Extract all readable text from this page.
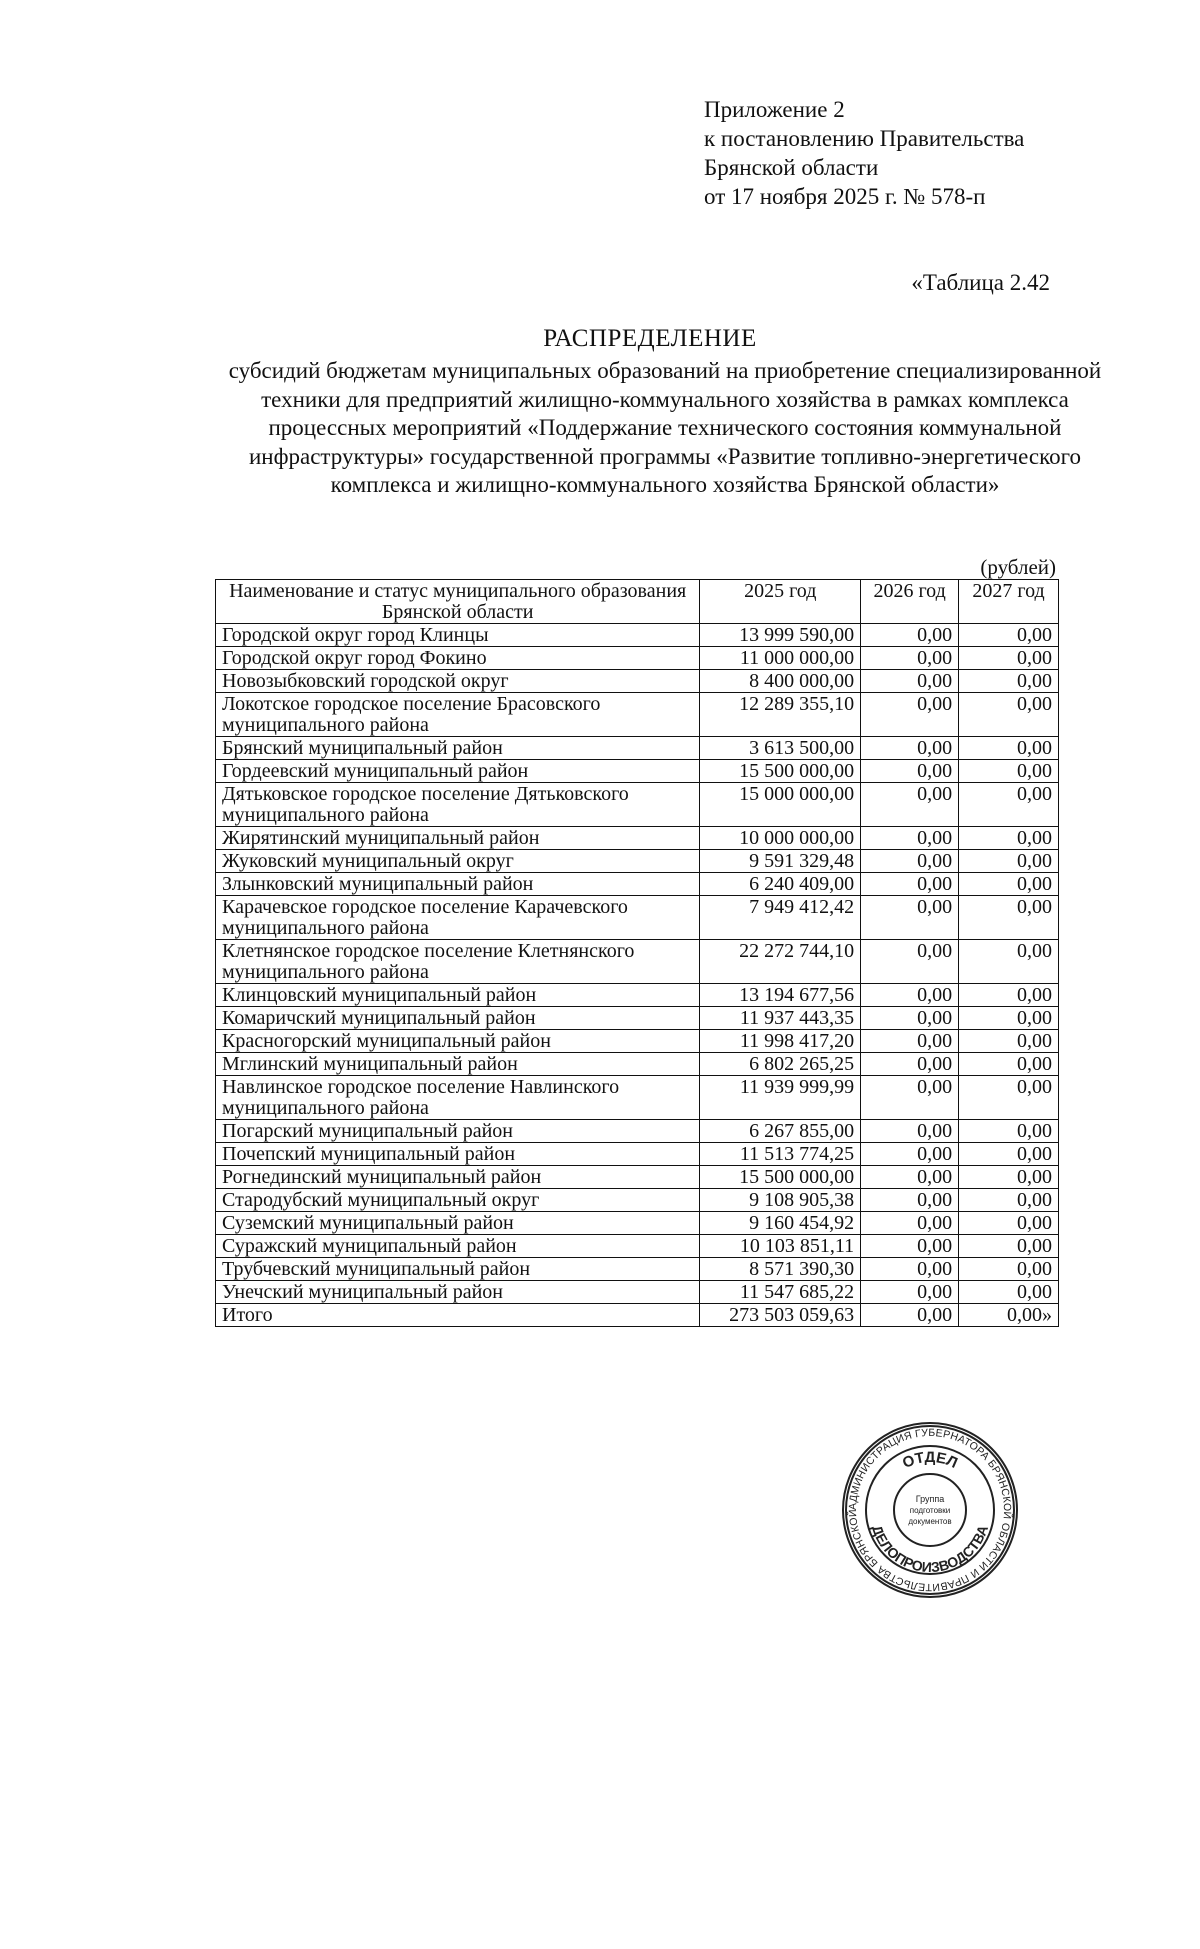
Приложение 2
к постановлению Правительства
Брянской области
от 17 ноября 2025 г. № 578-п
«Таблица 2.42
РАСПРЕДЕЛЕНИЕ
субсидий бюджетам муниципальных образований на приобретение специализированной техники для предприятий жилищно-коммунального хозяйства в рамках комплекса процессных мероприятий «Поддержание технического состояния коммунальной инфраструктуры» государственной программы «Развитие топливно-энергетического комплекса и жилищно-коммунального хозяйства Брянской области»
(рублей)
Наименование и статус муниципального образования Брянской области	2025 год	2026 год	2027 год
Городской округ город Клинцы	13 999 590,00	0,00	0,00
Городской округ город Фокино	11 000 000,00	0,00	0,00
Новозыбковский городской округ	8 400 000,00	0,00	0,00
Локотское городское поселение Брасовского муниципального района	12 289 355,10	0,00	0,00
Брянский муниципальный район	3 613 500,00	0,00	0,00
Гордеевский муниципальный район	15 500 000,00	0,00	0,00
Дятьковское городское поселение Дятьковского муниципального района	15 000 000,00	0,00	0,00
Жирятинский муниципальный район	10 000 000,00	0,00	0,00
Жуковский муниципальный округ	9 591 329,48	0,00	0,00
Злынковский муниципальный район	6 240 409,00	0,00	0,00
Карачевское городское поселение Карачевского муниципального района	7 949 412,42	0,00	0,00
Клетнянское городское поселение Клетнянского муниципального района	22 272 744,10	0,00	0,00
Клинцовский муниципальный район	13 194 677,56	0,00	0,00
Комаричский муниципальный район	11 937 443,35	0,00	0,00
Красногорский муниципальный район	11 998 417,20	0,00	0,00
Мглинский муниципальный район	6 802 265,25	0,00	0,00
Навлинское городское поселение Навлинского муниципального района	11 939 999,99	0,00	0,00
Погарский муниципальный район	6 267 855,00	0,00	0,00
Почепский муниципальный район	11 513 774,25	0,00	0,00
Рогнединский муниципальный район	15 500 000,00	0,00	0,00
Стародубский муниципальный округ	9 108 905,38	0,00	0,00
Суземский муниципальный район	9 160 454,92	0,00	0,00
Суражский муниципальный район	10 103 851,11	0,00	0,00
Трубчевский муниципальный район	8 571 390,30	0,00	0,00
Унечский муниципальный район	11 547 685,22	0,00	0,00
Итого	273 503 059,63	0,00	0,00»
АДМИНИСТРАЦИЯ ГУБЕРНАТОРА БРЯНСКОЙ ОБЛАСТИ И ПРАВИТЕЛЬСТВА БРЯНСКОЙ
ОТДЕЛ
ДЕЛОПРОИЗВОДСТВА
Группа
подготовки
документов
